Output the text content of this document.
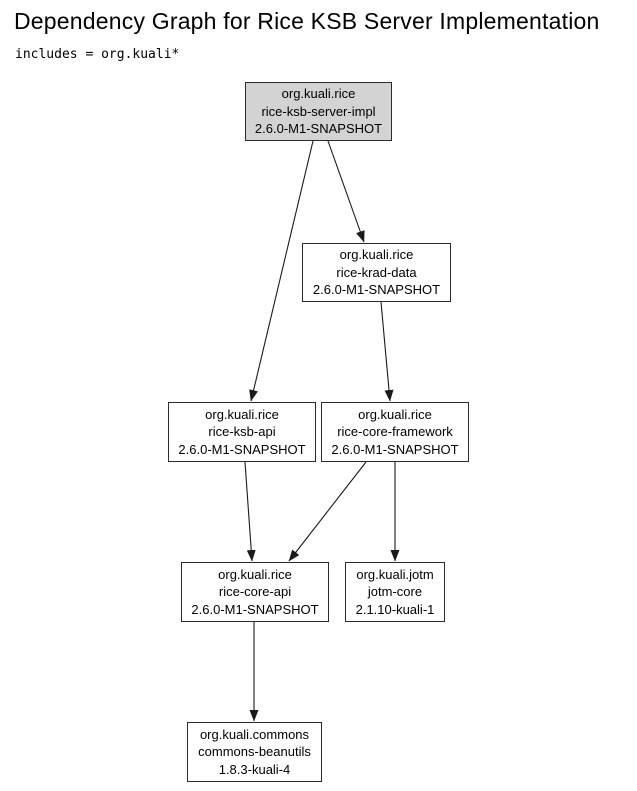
Dependency Graph for Rice KSB Server Implementation
includes = org.kuali*
org.kuali.rice
rice-ksb-server-impl
2.6.0-M1-SNAPSHOT
org.kuali.rice
rice-krad-data
2.6.0-M1-SNAPSHOT
org.kuali.rice
rice-ksb-api
2.6.0-M1-SNAPSHOT
org.kuali.rice
rice-core-framework
2.6.0-M1-SNAPSHOT
org.kuali.rice
rice-core-api
2.6.0-M1-SNAPSHOT
org.kuali.jotm
jotm-core
2.1.10-kuali-1
org.kuali.commons
commons-beanutils
1.8.3-kuali-4
